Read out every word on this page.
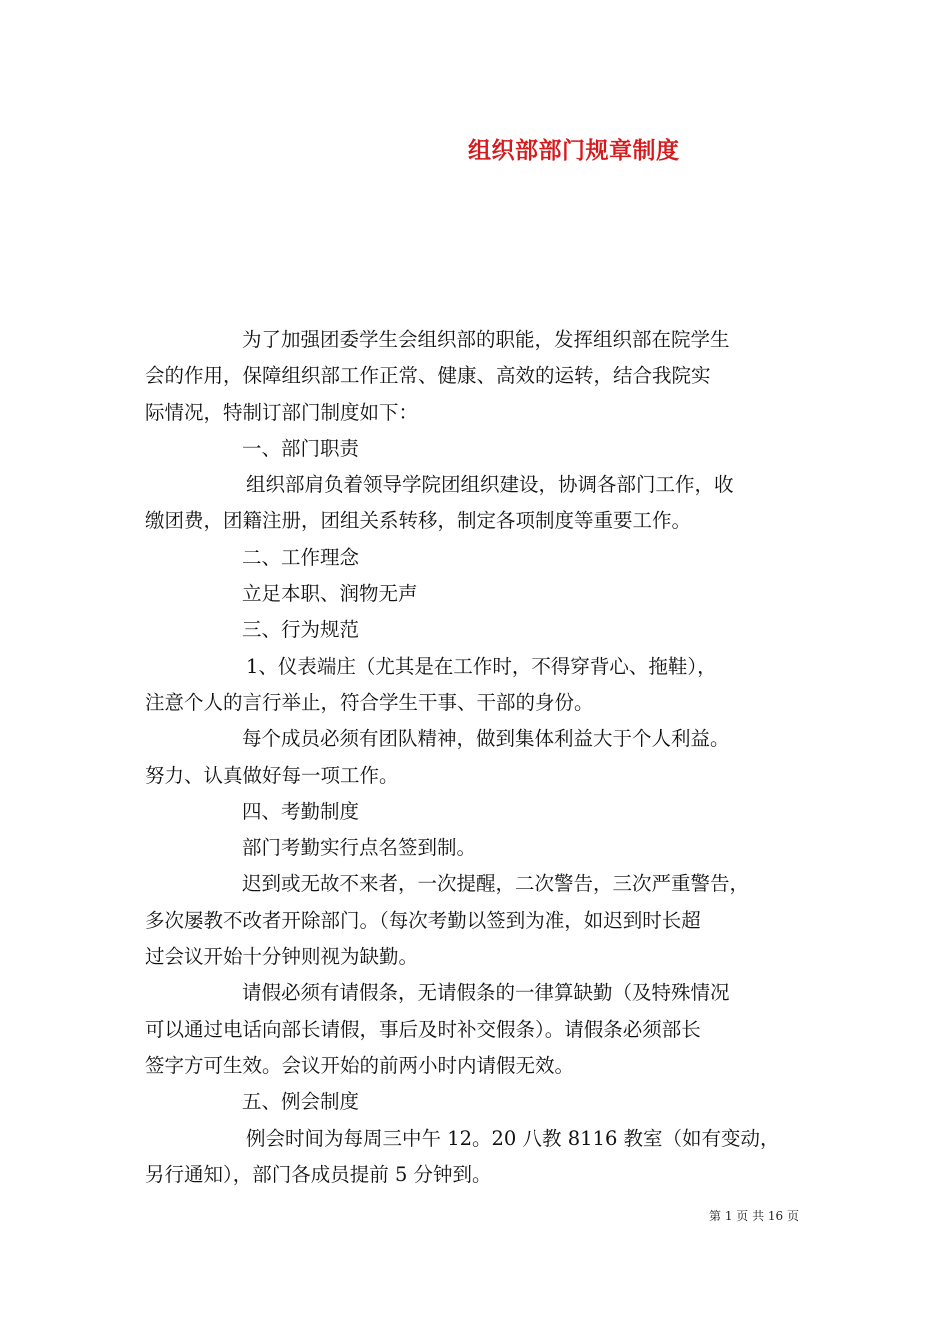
组织部部门规章制度
为了加强团委学生会组织部的职能，发挥组织部在院学生
会的作用，保障组织部工作正常、健康、高效的运转，结合我院实
际情况，特制订部门制度如下：
一、部门职责
组织部肩负着领导学院团组织建设，协调各部门工作，收
缴团费，团籍注册，团组关系转移，制定各项制度等重要工作。
二、工作理念
立足本职、润物无声
三、行为规范
1、仪表端庄（尤其是在工作时，不得穿背心、拖鞋），
注意个人的言行举止，符合学生干事、干部的身份。
每个成员必须有团队精神，做到集体利益大于个人利益。
努力、认真做好每一项工作。
四、考勤制度
部门考勤实行点名签到制。
迟到或无故不来者，一次提醒，二次警告，三次严重警告，
多次屡教不改者开除部门。（每次考勤以签到为准，如迟到时长超
过会议开始十分钟则视为缺勤。
请假必须有请假条，无请假条的一律算缺勤（及特殊情况
可以通过电话向部长请假，事后及时补交假条）。请假条必须部长
签字方可生效。会议开始的前两小时内请假无效。
五、例会制度
例会时间为每周三中午 12。20 八教 8116 教室（如有变动，
另行通知），部门各成员提前 5 分钟到。
第 1 页 共 16 页
